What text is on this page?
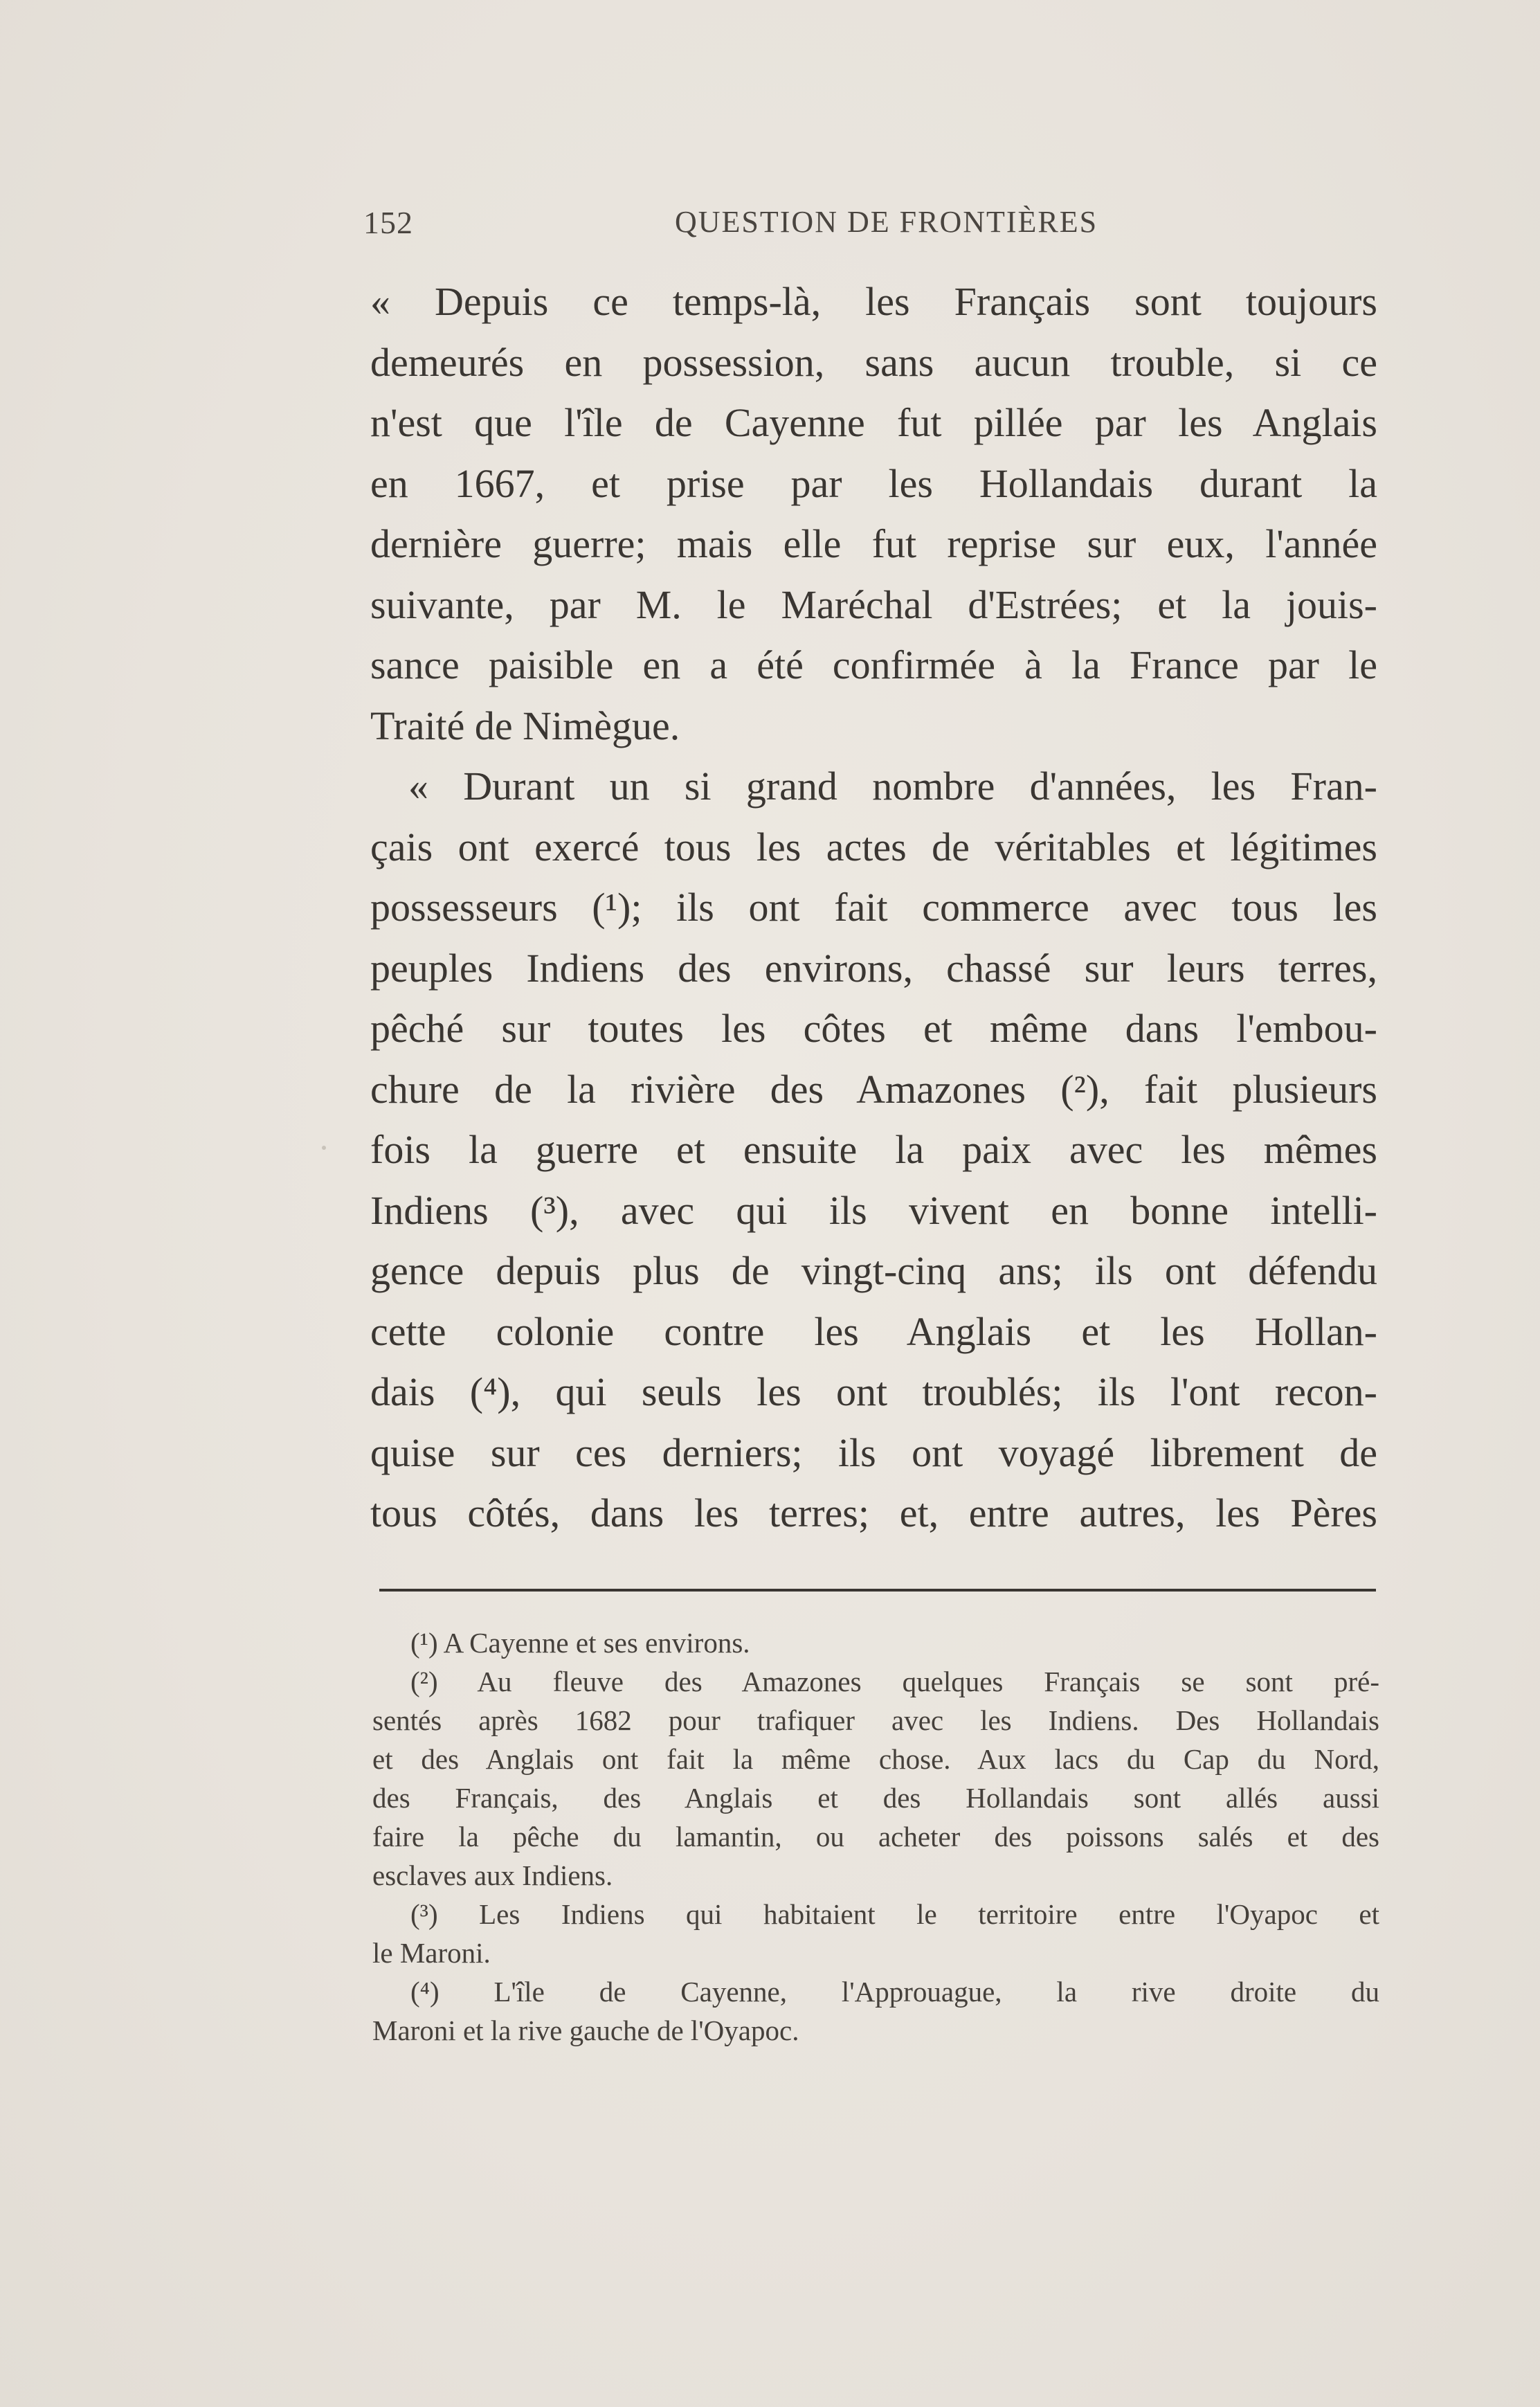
152	QUESTION DE FRONTIÈRES
« Depuis ce temps-là, les Français sont toujours
demeurés en possession, sans aucun trouble, si ce
n'est que l'île de Cayenne fut pillée par les Anglais
en 1667, et prise par les Hollandais durant la
dernière guerre; mais elle fut reprise sur eux, l'année
suivante, par M. le Maréchal d'Estrées; et la jouis-
sance paisible en a été confirmée à la France par le
Traité de Nimègue.
« Durant un si grand nombre d'années, les Fran-
çais ont exercé tous les actes de véritables et légitimes
possesseurs (¹); ils ont fait commerce avec tous les
peuples Indiens des environs, chassé sur leurs terres,
pêché sur toutes les côtes et même dans l'embou-
chure de la rivière des Amazones (²), fait plusieurs
fois la guerre et ensuite la paix avec les mêmes
Indiens (³), avec qui ils vivent en bonne intelli-
gence depuis plus de vingt-cinq ans; ils ont défendu
cette colonie contre les Anglais et les Hollan-
dais (⁴), qui seuls les ont troublés; ils l'ont recon-
quise sur ces derniers; ils ont voyagé librement de
tous côtés, dans les terres; et, entre autres, les Pères
(¹) A Cayenne et ses environs.
(²) Au fleuve des Amazones quelques Français se sont pré-
sentés après 1682 pour trafiquer avec les Indiens. Des Hollandais
et des Anglais ont fait la même chose. Aux lacs du Cap du Nord,
des Français, des Anglais et des Hollandais sont allés aussi
faire la pêche du lamantin, ou acheter des poissons salés et des
esclaves aux Indiens.
(³) Les Indiens qui habitaient le territoire entre l'Oyapoc et
le Maroni.
(⁴) L'île de Cayenne, l'Approuague, la rive droite du
Maroni et la rive gauche de l'Oyapoc.
